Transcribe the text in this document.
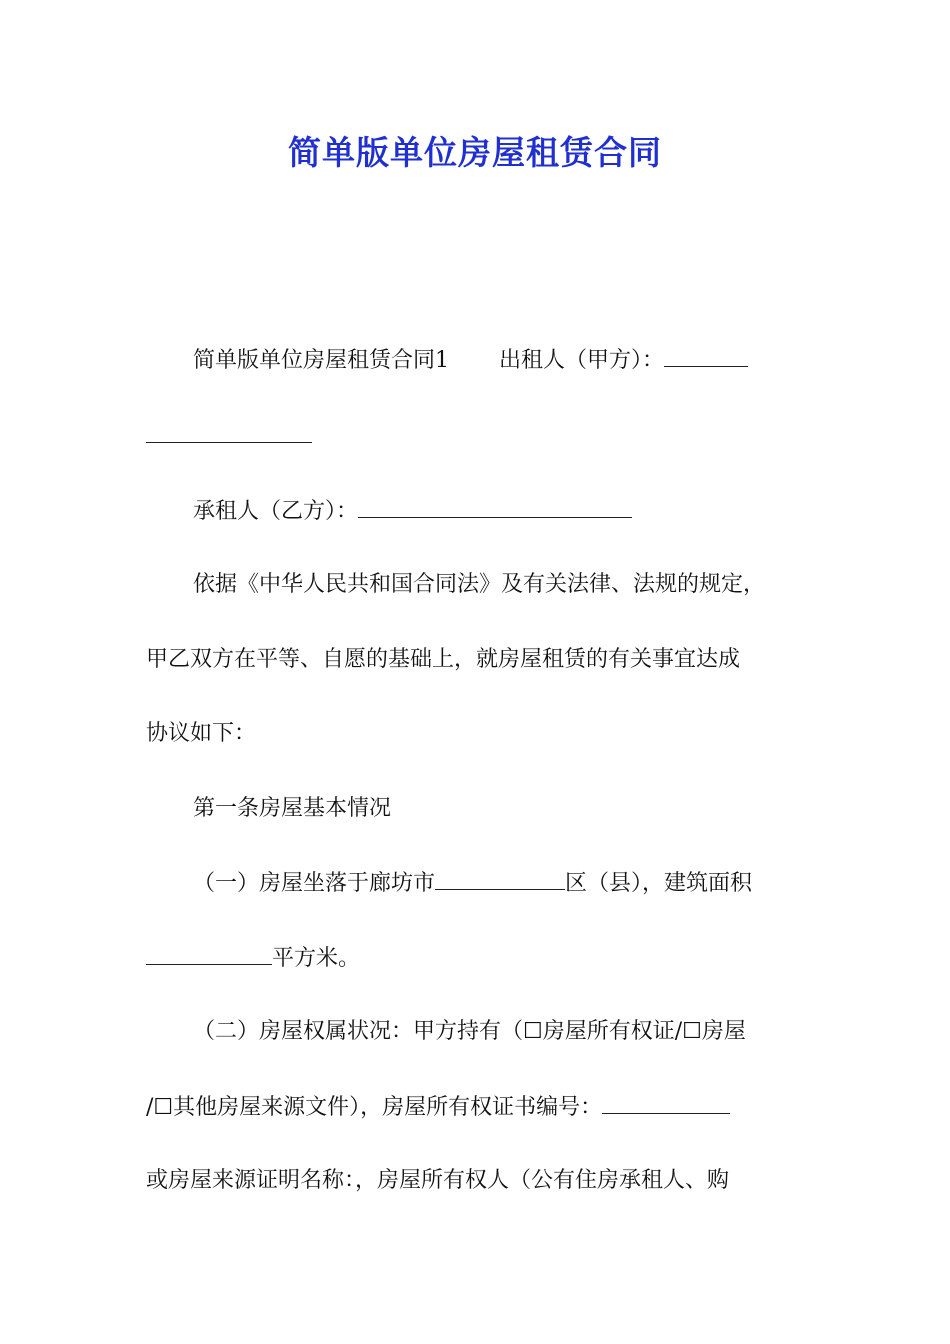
简单版单位房屋租赁合同
简单版单位房屋租赁合同1 出租人（甲方）：
承租人（乙方）：
依据《中华人民共和国合同法》及有关法律、法规的规定，
甲乙双方在平等、自愿的基础上，就房屋租赁的有关事宜达成
协议如下：
第一条房屋基本情况
（一）房屋坐落于廊坊市	区（县），建筑面积
平方米。
（二）房屋权属状况：甲方持有（☐房屋所有权证/☐房屋
/☐其他房屋来源文件），房屋所有权证书编号：
或房屋来源证明名称：，房屋所有权人（公有住房承租人、购
